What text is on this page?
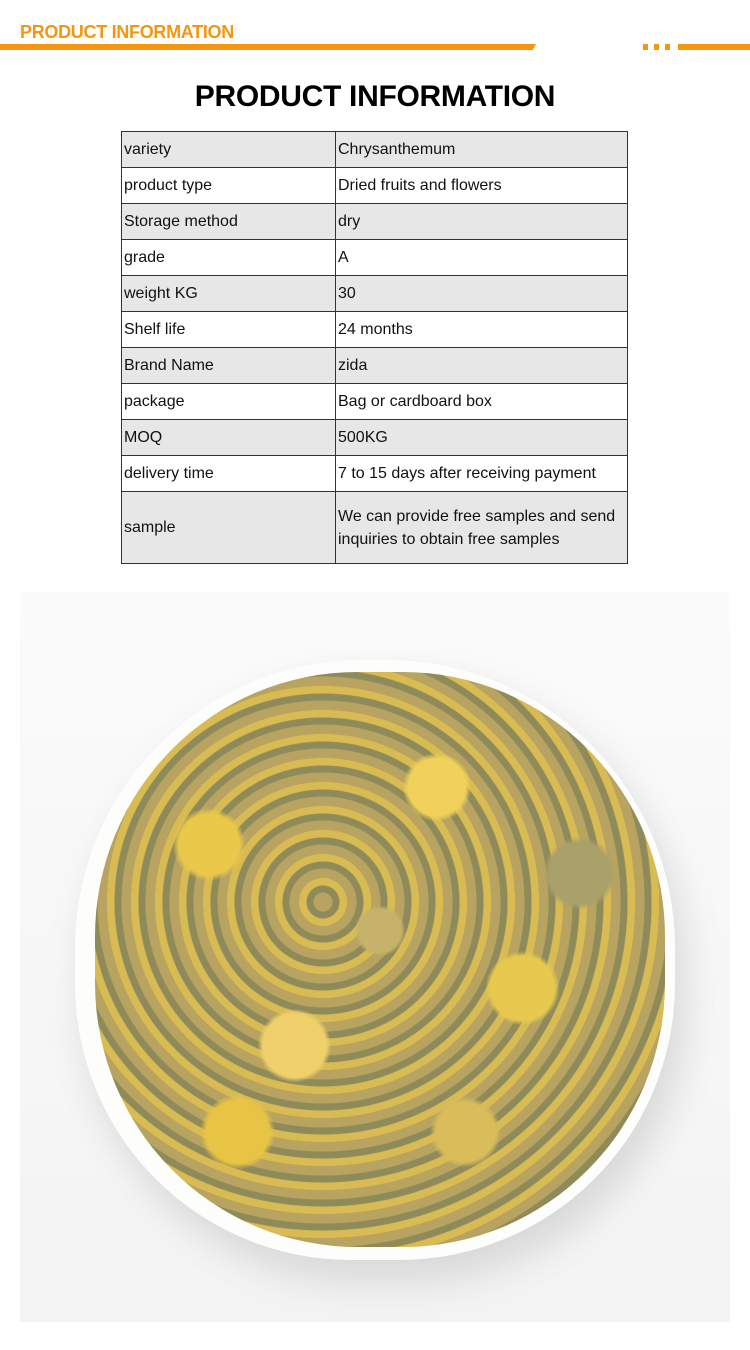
PRODUCT INFORMATION
PRODUCT INFORMATION
variety	Chrysanthemum
product type	Dried fruits and flowers
Storage method	dry
grade	A
weight KG	30
Shelf life	24 months
Brand Name	zida
package	Bag or cardboard box
MOQ	500KG
delivery time	7 to 15 days after receiving payment
sample	We can provide free samples and send inquiries to obtain free samples
